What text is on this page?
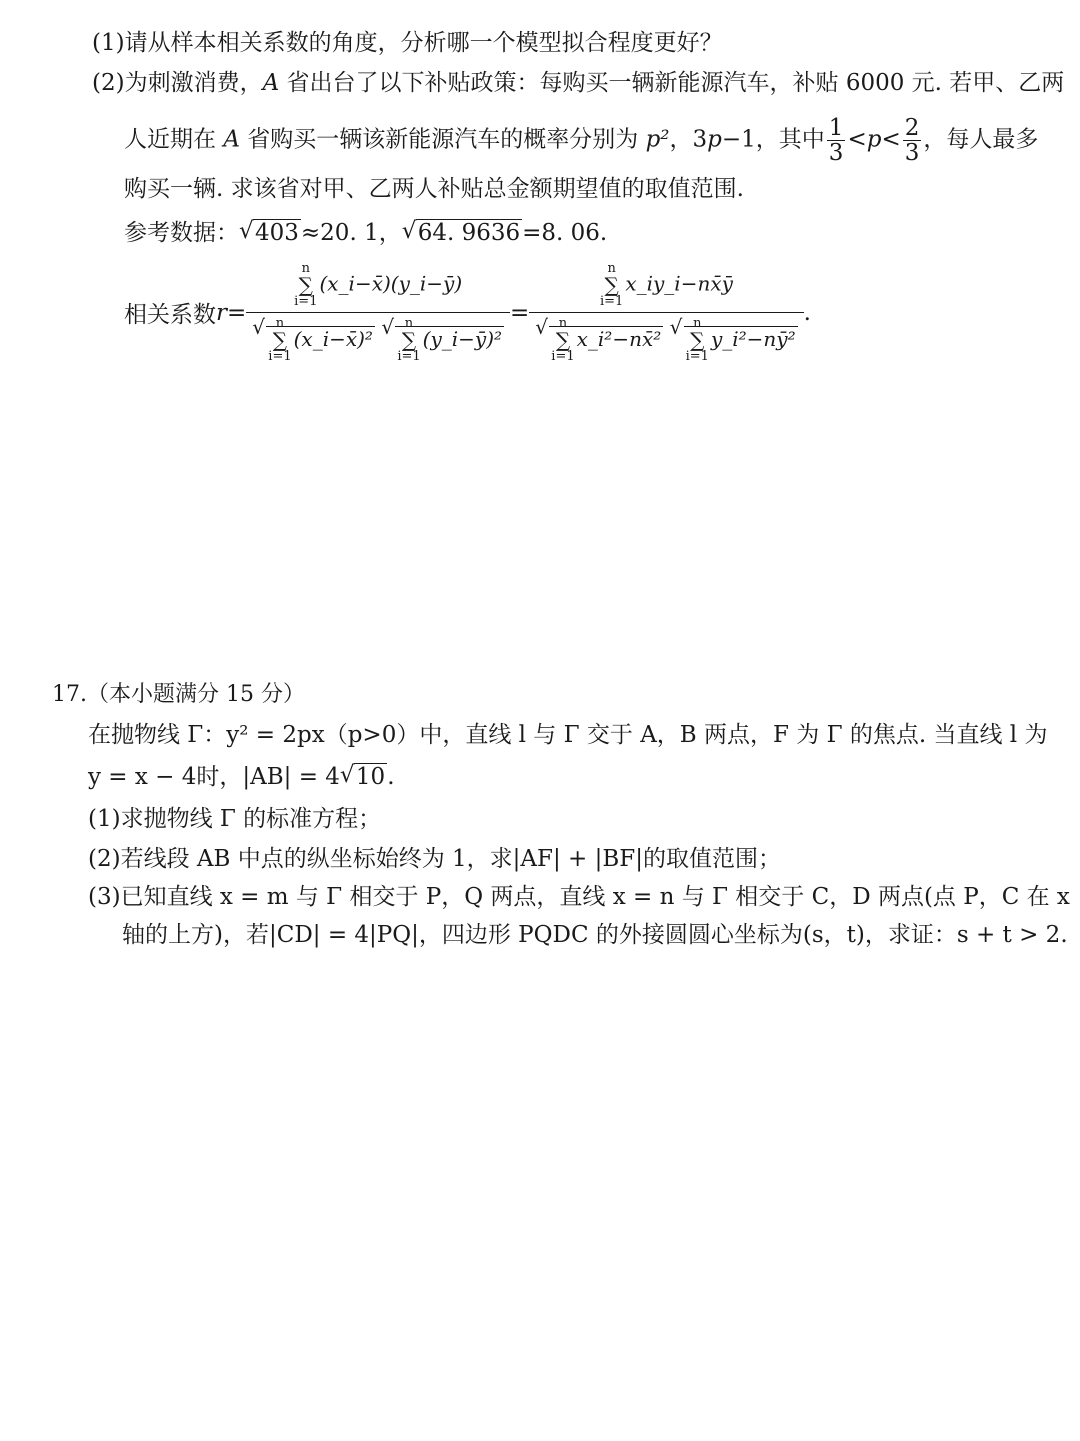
(1)请从样本相关系数的角度，分析哪一个模型拟合程度更好？
(2)为刺激消费，A 省出台了以下补贴政策：每购买一辆新能源汽车，补贴 6000 元. 若甲、乙两
人近期在 A 省购买一辆该新能源汽车的概率分别为 p²，3p−1，其中 $\frac{1}{3} <p< \frac{2}{3}$ ，每人最多
购买一辆. 求该省对甲、乙两人补贴总金额期望值的取值范围.
参考数据： √ 403≈20. 1， √ 64. 9636=8. 06.
相关系数 r = n
∑
i=1(x_i−x̄)(y_i−ȳ)
√ n
∑
i=1(x_i−x̄)² √ n
∑
i=1(y_i−ȳ)² = n
∑
i=1x_iy_i−nx̄ȳ
√ n
∑
i=1x_i²−nx̄² √ n
∑
i=1y_i²−nȳ² .
17.（本小题满分 15 分）
在抛物线 Γ：y² = 2px（p>0）中，直线 l 与 Γ 交于 A，B 两点，F 为 Γ 的焦点. 当直线 l 为
y = x − 4时，|AB| = 4 √ 10.
(1)求抛物线 Γ 的标准方程；
(2)若线段 AB 中点的纵坐标始终为 1，求|AF| + |BF|的取值范围；
(3)已知直线 x = m 与 Γ 相交于 P，Q 两点，直线 x = n 与 Γ 相交于 C，D 两点(点 P，C 在 x
轴的上方)，若|CD| = 4|PQ|，四边形 PQDC 的外接圆圆心坐标为(s，t)，求证：s + t > 2.
